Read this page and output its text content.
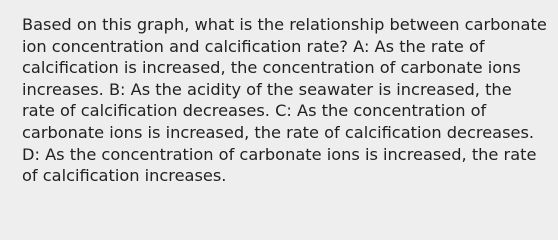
Based on this graph, what is the relationship between carbonate ion concentration and calcification rate? A: As the rate of calcification is increased, the concentration of carbonate ions increases. B: As the acidity of the seawater is increased, the rate of calcification decreases. C: As the concentration of carbonate ions is increased, the rate of calcification decreases. D: As the concentration of carbonate ions is increased, the rate of calcification increases.
